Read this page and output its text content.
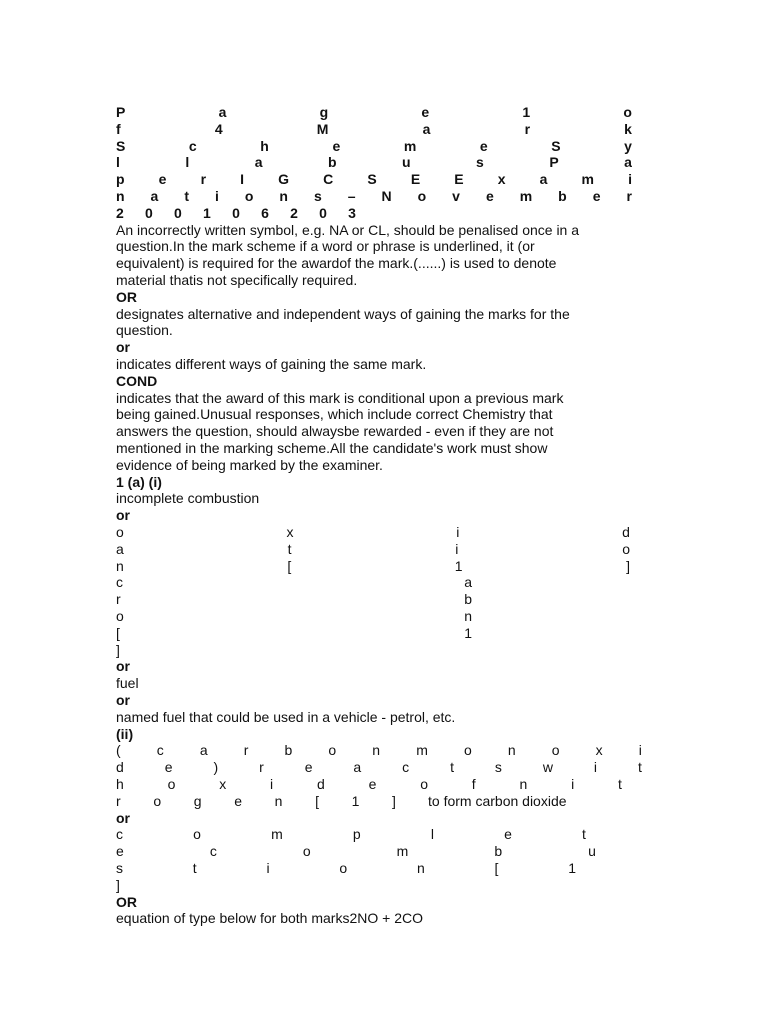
P	a	g	e	1	o
f	4	M	a	r	k
S	c	h	e	m	e	S	y
l	l	a	b	u	s	P	a
p e r I G C S E E x a m i
n a t i o n s – N o v e m b e r
2 0 0 1 0 6 2 0 3
An incorrectly written symbol, e.g. NA or CL, should be penalised once in a
question.In the mark scheme if a word or phrase is underlined, it (or
equivalent) is required for the awardof the mark.(......) is used to denote
material thatis not specifically required.
OR
designates alternative and independent ways of gaining the marks for the
question.
or
indicates different ways of gaining the same mark.
COND
indicates that the award of this mark is conditional upon a previous mark
being gained.Unusual responses, which include correct Chemistry that
answers the question, should alwaysbe rewarded - even if they are not
mentioned in the marking scheme.All the candidate's work must show
evidence of being marked by the examiner.
1 (a) (i)
incomplete combustion
or
o	x	i	d
a	t	i	o
n	[	1	]
c	a
r	b
o	n
[	1
]
or
fuel
or
named fuel that could be used in a vehicle - petrol, etc.
(ii)
(	c	a	r	b	o	n	m	o	n	o	x	i
d	e	)	r	e	a	c	t	s	w	i	t
h	o	x	i	d	e	o	f	n	i	t
r o g e n [ 1 ] to form carbon dioxide
or
c	o	m	p	l	e	t
e	c	o	m	b	u
s	t	i	o	n	[	1
]
OR
equation of type below for both marks2NO + 2CO
